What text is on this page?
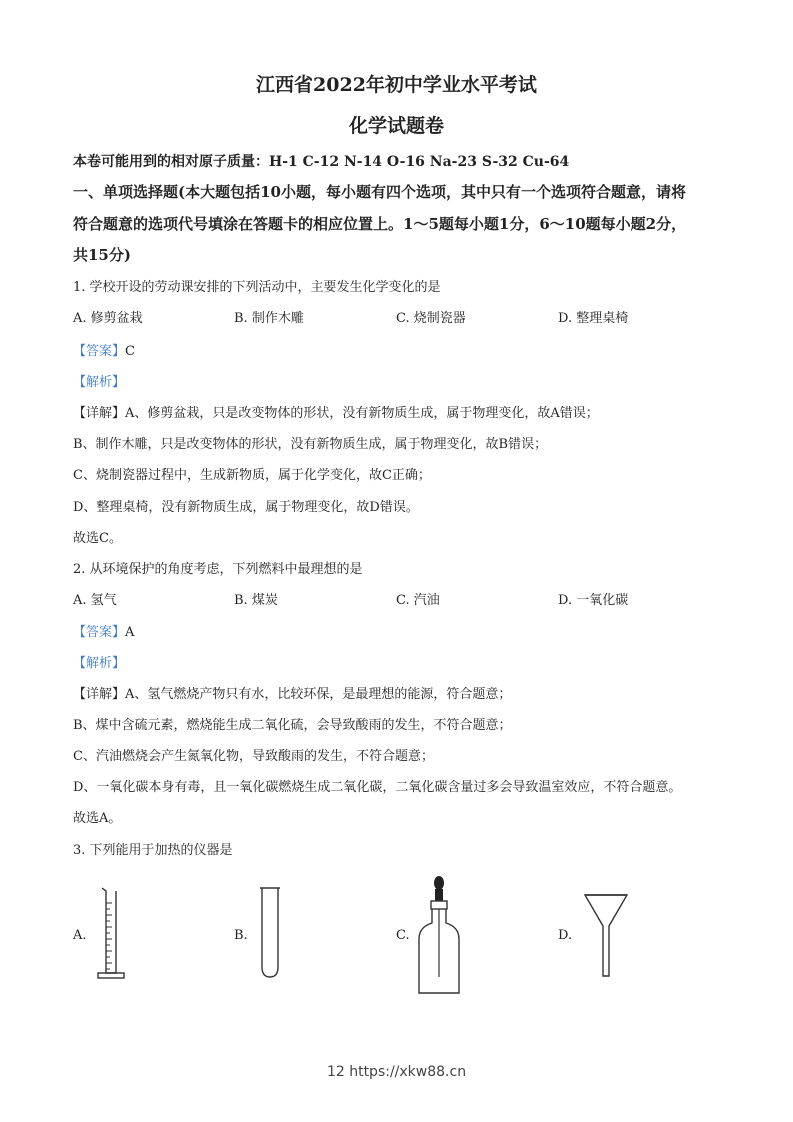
江西省2022年初中学业水平考试
化学试题卷
本卷可能用到的相对原子质量：H-1 C-12 N-14 O-16 Na-23 S-32 Cu-64
一、单项选择题(本大题包括10小题，每小题有四个选项，其中只有一个选项符合题意，请将
符合题意的选项代号填涂在答题卡的相应位置上。1～5题每小题1分，6～10题每小题2分，
共15分)
1. 学校开设的劳动课安排的下列活动中，主要发生化学变化的是
A. 修剪盆栽	B. 制作木雕	C. 烧制瓷器	D. 整理桌椅
【答案】C
【解析】
【详解】A、修剪盆栽，只是改变物体的形状，没有新物质生成，属于物理变化，故A错误；
B、制作木雕，只是改变物体的形状，没有新物质生成，属于物理变化，故B错误；
C、烧制瓷器过程中，生成新物质，属于化学变化，故C正确；
D、整理桌椅，没有新物质生成，属于物理变化，故D错误。
故选C。
2. 从环境保护的角度考虑，下列燃料中最理想的是
A. 氢气	B. 煤炭	C. 汽油	D. 一氧化碳
【答案】A
【解析】
【详解】A、氢气燃烧产物只有水，比较环保，是最理想的能源，符合题意；
B、煤中含硫元素，燃烧能生成二氧化硫，会导致酸雨的发生，不符合题意；
C、汽油燃烧会产生氮氧化物，导致酸雨的发生，不符合题意；
D、一氧化碳本身有毒，且一氧化碳燃烧生成二氧化碳，二氧化碳含量过多会导致温室效应，不符合题意。
故选A。
3. 下列能用于加热的仪器是
A.	B.	C.	D.
12 https://xkw88.cn
